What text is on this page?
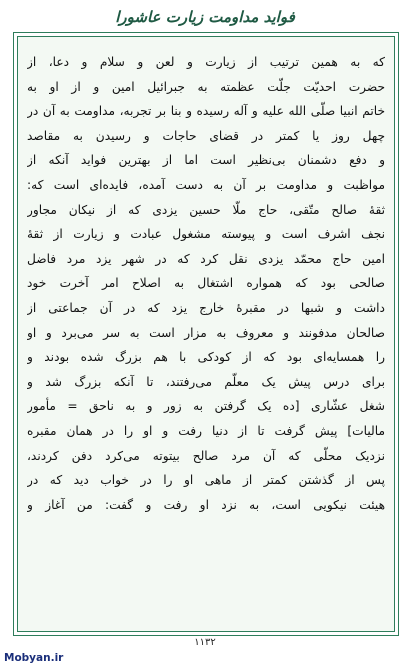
فواید مداومت زیارت عاشورا
که به همین ترتیب از زیارت و لعن و سلام و دعا، از
حضرت احدیّت جلّت عظمته به جبرائیل امین و از او به
خاتم انبیا صلّی الله علیه و آله رسیده و بنا بر تجربه، مداومت به آن در
چهل روز یا کمتر در قضای حاجات و رسیدن به مقاصد
و دفع دشمنان بی‌نظیر است اما از بهترین فواید آنکه از
مواظبت و مداومت بر آن به دست آمده، فایده‌ای است که:
ثقهٔ صالح متّقی، حاج ملّا حسین یزدی که از نیکان مجاور
نجف اشرف است و پیوسته مشغول عبادت و زیارت از ثقهٔ
امین حاج محمّد یزدی نقل کرد که در شهر یزد مرد فاضل
صالحی بود که همواره اشتغال به اصلاح امر آخرت خود
داشت و شبها در مقبرهٔ خارج یزد که در آن جماعتی از
صالحان مدفونند و معروف به مزار است به سر می‌برد و او
را همسایه‌ای بود که از کودکی با هم بزرگ شده بودند و
برای درس پیش یک معلّم می‌رفتند، تا آنکه بزرگ شد و
شغل عشّاری [ده یک گرفتن به زور و به ناحق = مأمور
مالیات] پیش گرفت تا از دنیا رفت و او را در همان مقبره
نزدیک محلّی که آن مرد صالح بیتوته می‌کرد دفن کردند،
پس از گذشتن کمتر از ماهی او را در خواب دید که در
هیئت نیکویی است، به نزد او رفت و گفت: من آغاز و
۱۱۳۲
Mobyan.ir
